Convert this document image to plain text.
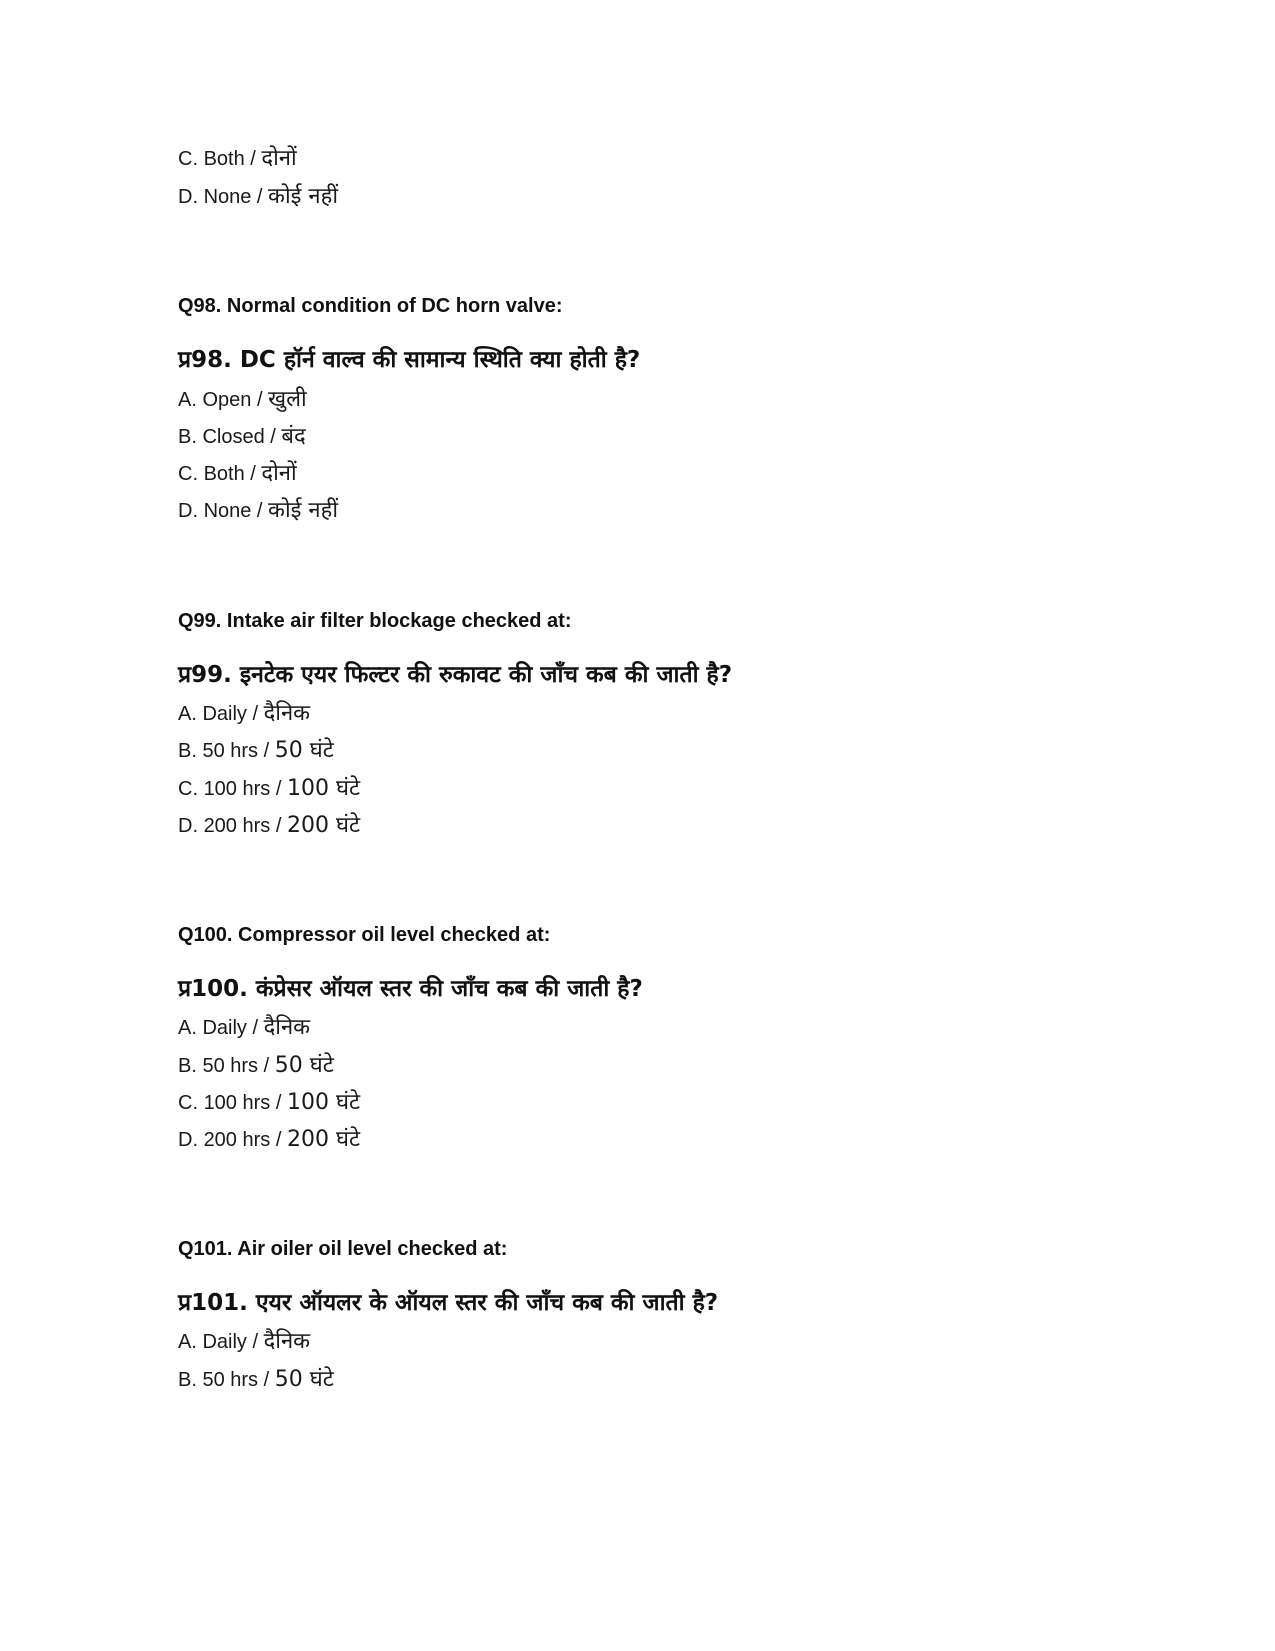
C. Both / दोनों
D. None / कोई नहीं
Q98. Normal condition of DC horn valve:
प्र98. DC हॉर्न वाल्व की सामान्य स्थिति क्या होती है?
A. Open / खुली
B. Closed / बंद
C. Both / दोनों
D. None / कोई नहीं
Q99. Intake air filter blockage checked at:
प्र99. इनटेक एयर फिल्टर की रुकावट की जाँच कब की जाती है?
A. Daily / दैनिक
B. 50 hrs / 50 घंटे
C. 100 hrs / 100 घंटे
D. 200 hrs / 200 घंटे
Q100. Compressor oil level checked at:
प्र100. कंप्रेसर ऑयल स्तर की जाँच कब की जाती है?
A. Daily / दैनिक
B. 50 hrs / 50 घंटे
C. 100 hrs / 100 घंटे
D. 200 hrs / 200 घंटे
Q101. Air oiler oil level checked at:
प्र101. एयर ऑयलर के ऑयल स्तर की जाँच कब की जाती है?
A. Daily / दैनिक
B. 50 hrs / 50 घंटे
